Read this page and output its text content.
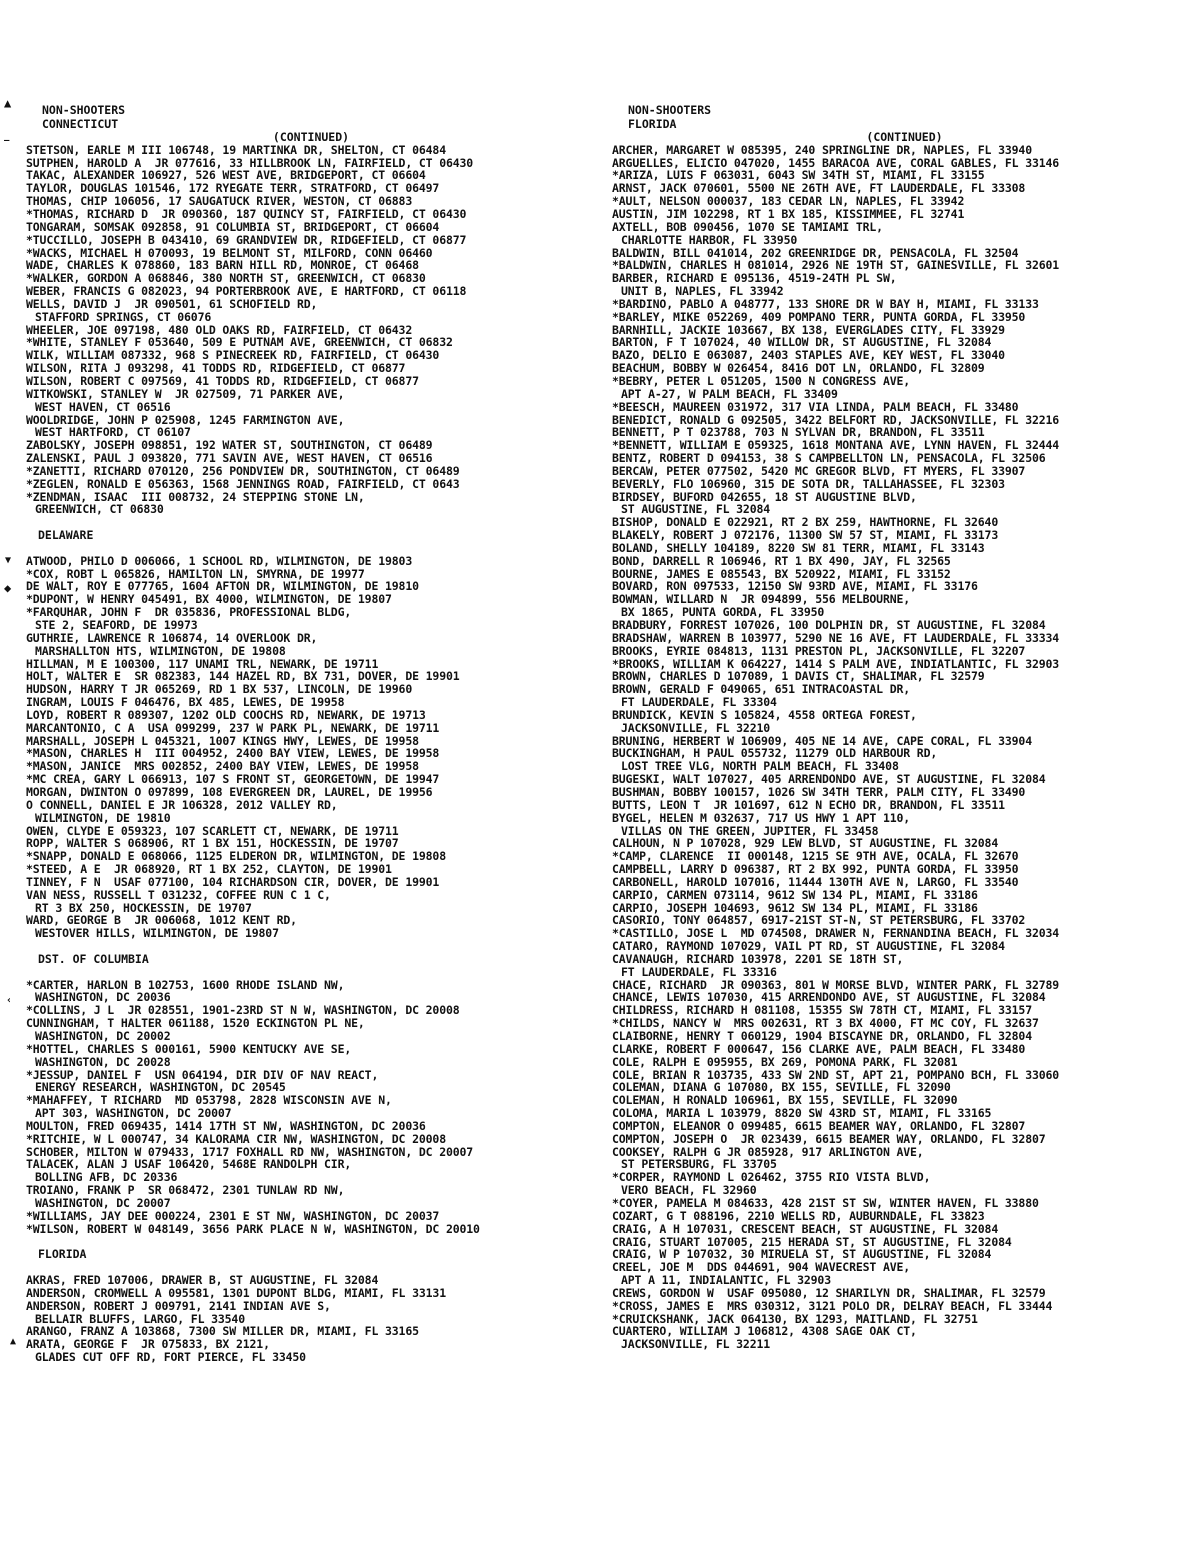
NON-SHOOTERS
CONNECTICUT
(CONTINUED)
STETSON, EARLE M III 106748, 19 MARTINKA DR, SHELTON, CT 06484
SUTPHEN, HAROLD A  JR 077616, 33 HILLBROOK LN, FAIRFIELD, CT 06430
TAKAC, ALEXANDER 106927, 526 WEST AVE, BRIDGEPORT, CT 06604
TAYLOR, DOUGLAS 101546, 172 RYEGATE TERR, STRATFORD, CT 06497
THOMAS, CHIP 106056, 17 SAUGATUCK RIVER, WESTON, CT 06883
*THOMAS, RICHARD D  JR 090360, 187 QUINCY ST, FAIRFIELD, CT 06430
TONGARAM, SOMSAK 092858, 91 COLUMBIA ST, BRIDGEPORT, CT 06604
*TUCCILLO, JOSEPH B 043410, 69 GRANDVIEW DR, RIDGEFIELD, CT 06877
*WACKS, MICHAEL H 070093, 19 BELMONT ST, MILFORD, CONN 06460
WADE, CHARLES K 078860, 183 BARN HILL RD, MONROE, CT 06468
*WALKER, GORDON A 068846, 380 NORTH ST, GREENWICH, CT 06830
WEBER, FRANCIS G 082023, 94 PORTERBROOK AVE, E HARTFORD, CT 06118
WELLS, DAVID J  JR 090501, 61 SCHOFIELD RD,
STAFFORD SPRINGS, CT 06076
WHEELER, JOE 097198, 480 OLD OAKS RD, FAIRFIELD, CT 06432
*WHITE, STANLEY F 053640, 509 E PUTNAM AVE, GREENWICH, CT 06832
WILK, WILLIAM 087332, 968 S PINECREEK RD, FAIRFIELD, CT 06430
WILSON, RITA J 093298, 41 TODDS RD, RIDGEFIELD, CT 06877
WILSON, ROBERT C 097569, 41 TODDS RD, RIDGEFIELD, CT 06877
WITKOWSKI, STANLEY W  JR 027509, 71 PARKER AVE,
WEST HAVEN, CT 06516
WOOLDRIDGE, JOHN P 025908, 1245 FARMINGTON AVE,
WEST HARTFORD, CT 06107
ZABOLSKY, JOSEPH 098851, 192 WATER ST, SOUTHINGTON, CT 06489
ZALENSKI, PAUL J 093820, 771 SAVIN AVE, WEST HAVEN, CT 06516
*ZANETTI, RICHARD 070120, 256 PONDVIEW DR, SOUTHINGTON, CT 06489
*ZEGLEN, RONALD E 056363, 1568 JENNINGS ROAD, FAIRFIELD, CT 0643
*ZENDMAN, ISAAC  III 008732, 24 STEPPING STONE LN,
GREENWICH, CT 06830
DELAWARE
ATWOOD, PHILO D 006066, 1 SCHOOL RD, WILMINGTON, DE 19803
*COX, ROBT L 065826, HAMILTON LN, SMYRNA, DE 19977
DE WALT, ROY E 077765, 1604 AFTON DR, WILMINGTON, DE 19810
*DUPONT, W HENRY 045491, BX 4000, WILMINGTON, DE 19807
*FARQUHAR, JOHN F  DR 035836, PROFESSIONAL BLDG,
STE 2, SEAFORD, DE 19973
GUTHRIE, LAWRENCE R 106874, 14 OVERLOOK DR,
MARSHALLTON HTS, WILMINGTON, DE 19808
HILLMAN, M E 100300, 117 UNAMI TRL, NEWARK, DE 19711
HOLT, WALTER E  SR 082383, 144 HAZEL RD, BX 731, DOVER, DE 19901
HUDSON, HARRY T JR 065269, RD 1 BX 537, LINCOLN, DE 19960
INGRAM, LOUIS F 046476, BX 485, LEWES, DE 19958
LOYD, ROBERT R 089307, 1202 OLD COOCHS RD, NEWARK, DE 19713
MARCANTONIO, C A  USA 099299, 237 W PARK PL, NEWARK, DE 19711
MARSHALL, JOSEPH L 045321, 1007 KINGS HWY, LEWES, DE 19958
*MASON, CHARLES H  III 004952, 2400 BAY VIEW, LEWES, DE 19958
*MASON, JANICE  MRS 002852, 2400 BAY VIEW, LEWES, DE 19958
*MC CREA, GARY L 066913, 107 S FRONT ST, GEORGETOWN, DE 19947
MORGAN, DWINTON O 097899, 108 EVERGREEN DR, LAUREL, DE 19956
O CONNELL, DANIEL E JR 106328, 2012 VALLEY RD,
WILMINGTON, DE 19810
OWEN, CLYDE E 059323, 107 SCARLETT CT, NEWARK, DE 19711
ROPP, WALTER S 068906, RT 1 BX 151, HOCKESSIN, DE 19707
*SNAPP, DONALD E 068066, 1125 ELDERON DR, WILMINGTON, DE 19808
*STEED, A E  JR 068920, RT 1 BX 252, CLAYTON, DE 19901
TINNEY, F N  USAF 077100, 104 RICHARDSON CIR, DOVER, DE 19901
VAN NESS, RUSSELL T 031232, COFFEE RUN C 1 C,
RT 3 BX 250, HOCKESSIN, DE 19707
WARD, GEORGE B  JR 006068, 1012 KENT RD,
WESTOVER HILLS, WILMINGTON, DE 19807
DST. OF COLUMBIA
*CARTER, HARLON B 102753, 1600 RHODE ISLAND NW,
WASHINGTON, DC 20036
*COLLINS, J L  JR 028551, 1901-23RD ST N W, WASHINGTON, DC 20008
CUNNINGHAM, T HALTER 061188, 1520 ECKINGTON PL NE,
WASHINGTON, DC 20002
*HOTTEL, CHARLES S 000161, 5900 KENTUCKY AVE SE,
WASHINGTON, DC 20028
*JESSUP, DANIEL F  USN 064194, DIR DIV OF NAV REACT,
ENERGY RESEARCH, WASHINGTON, DC 20545
*MAHAFFEY, T RICHARD  MD 053798, 2828 WISCONSIN AVE N,
APT 303, WASHINGTON, DC 20007
MOULTON, FRED 069435, 1414 17TH ST NW, WASHINGTON, DC 20036
*RITCHIE, W L 000747, 34 KALORAMA CIR NW, WASHINGTON, DC 20008
SCHOBER, MILTON W 079433, 1717 FOXHALL RD NW, WASHINGTON, DC 20007
TALACEK, ALAN J USAF 106420, 5468E RANDOLPH CIR,
BOLLING AFB, DC 20336
TROIANO, FRANK P  SR 068472, 2301 TUNLAW RD NW,
WASHINGTON, DC 20007
*WILLIAMS, JAY DEE 000224, 2301 E ST NW, WASHINGTON, DC 20037
*WILSON, ROBERT W 048149, 3656 PARK PLACE N W, WASHINGTON, DC 20010
FLORIDA
AKRAS, FRED 107006, DRAWER B, ST AUGUSTINE, FL 32084
ANDERSON, CROMWELL A 095581, 1301 DUPONT BLDG, MIAMI, FL 33131
ANDERSON, ROBERT J 009791, 2141 INDIAN AVE S,
BELLAIR BLUFFS, LARGO, FL 33540
ARANGO, FRANZ A 103868, 7300 SW MILLER DR, MIAMI, FL 33165
ARATA, GEORGE F  JR 075833, BX 2121,
GLADES CUT OFF RD, FORT PIERCE, FL 33450
NON-SHOOTERS
FLORIDA
(CONTINUED)
ARCHER, MARGARET W 085395, 240 SPRINGLINE DR, NAPLES, FL 33940
ARGUELLES, ELICIO 047020, 1455 BARACOA AVE, CORAL GABLES, FL 33146
*ARIZA, LUIS F 063031, 6043 SW 34TH ST, MIAMI, FL 33155
ARNST, JACK 070601, 5500 NE 26TH AVE, FT LAUDERDALE, FL 33308
*AULT, NELSON 000037, 183 CEDAR LN, NAPLES, FL 33942
AUSTIN, JIM 102298, RT 1 BX 185, KISSIMMEE, FL 32741
AXTELL, BOB 090456, 1070 SE TAMIAMI TRL,
CHARLOTTE HARBOR, FL 33950
BALDWIN, BILL 041014, 202 GREENRIDGE DR, PENSACOLA, FL 32504
*BALDWIN, CHARLES H 081014, 2926 NE 19TH ST, GAINESVILLE, FL 32601
BARBER, RICHARD E 095136, 4519-24TH PL SW,
UNIT B, NAPLES, FL 33942
*BARDINO, PABLO A 048777, 133 SHORE DR W BAY H, MIAMI, FL 33133
*BARLEY, MIKE 052269, 409 POMPANO TERR, PUNTA GORDA, FL 33950
BARNHILL, JACKIE 103667, BX 138, EVERGLADES CITY, FL 33929
BARTON, F T 107024, 40 WILLOW DR, ST AUGUSTINE, FL 32084
BAZO, DELIO E 063087, 2403 STAPLES AVE, KEY WEST, FL 33040
BEACHUM, BOBBY W 026454, 8416 DOT LN, ORLANDO, FL 32809
*BEBRY, PETER L 051205, 1500 N CONGRESS AVE,
APT A-27, W PALM BEACH, FL 33409
*BEESCH, MAUREEN 031972, 317 VIA LINDA, PALM BEACH, FL 33480
BENEDICT, RONALD G 092505, 3422 BELFORT RD, JACKSONVILLE, FL 32216
BENNETT, P T 023788, 703 N SYLVAN DR, BRANDON, FL 33511
*BENNETT, WILLIAM E 059325, 1618 MONTANA AVE, LYNN HAVEN, FL 32444
BENTZ, ROBERT D 094153, 38 S CAMPBELLTON LN, PENSACOLA, FL 32506
BERCAW, PETER 077502, 5420 MC GREGOR BLVD, FT MYERS, FL 33907
BEVERLY, FLO 106960, 315 DE SOTA DR, TALLAHASSEE, FL 32303
BIRDSEY, BUFORD 042655, 18 ST AUGUSTINE BLVD,
ST AUGUSTINE, FL 32084
BISHOP, DONALD E 022921, RT 2 BX 259, HAWTHORNE, FL 32640
BLAKELY, ROBERT J 072176, 11300 SW 57 ST, MIAMI, FL 33173
BOLAND, SHELLY 104189, 8220 SW 81 TERR, MIAMI, FL 33143
BOND, DARRELL R 106946, RT 1 BX 490, JAY, FL 32565
BOURNE, JAMES E 085543, BX 520922, MIAMI, FL 33152
BOVARD, RON 097533, 12150 SW 93RD AVE, MIAMI, FL 33176
BOWMAN, WILLARD N  JR 094899, 556 MELBOURNE,
BX 1865, PUNTA GORDA, FL 33950
BRADBURY, FORREST 107026, 100 DOLPHIN DR, ST AUGUSTINE, FL 32084
BRADSHAW, WARREN B 103977, 5290 NE 16 AVE, FT LAUDERDALE, FL 33334
BROOKS, EYRIE 084813, 1131 PRESTON PL, JACKSONVILLE, FL 32207
*BROOKS, WILLIAM K 064227, 1414 S PALM AVE, INDIATLANTIC, FL 32903
BROWN, CHARLES D 107089, 1 DAVIS CT, SHALIMAR, FL 32579
BROWN, GERALD F 049065, 651 INTRACOASTAL DR,
FT LAUDERDALE, FL 33304
BRUNDICK, KEVIN S 105824, 4558 ORTEGA FOREST,
JACKSONVILLE, FL 32210
BRUNING, HERBERT W 106909, 405 NE 14 AVE, CAPE CORAL, FL 33904
BUCKINGHAM, H PAUL 055732, 11279 OLD HARBOUR RD,
LOST TREE VLG, NORTH PALM BEACH, FL 33408
BUGESKI, WALT 107027, 405 ARRENDONDO AVE, ST AUGUSTINE, FL 32084
BUSHMAN, BOBBY 100157, 1026 SW 34TH TERR, PALM CITY, FL 33490
BUTTS, LEON T  JR 101697, 612 N ECHO DR, BRANDON, FL 33511
BYGEL, HELEN M 032637, 717 US HWY 1 APT 110,
VILLAS ON THE GREEN, JUPITER, FL 33458
CALHOUN, N P 107028, 929 LEW BLVD, ST AUGUSTINE, FL 32084
*CAMP, CLARENCE  II 000148, 1215 SE 9TH AVE, OCALA, FL 32670
CAMPBELL, LARRY D 096387, RT 2 BX 992, PUNTA GORDA, FL 33950
CARBONELL, HAROLD 107016, 11444 130TH AVE N, LARGO, FL 33540
CARPIO, CARMEN 073114, 9612 SW 134 PL, MIAMI, FL 33186
CARPIO, JOSEPH 104693, 9612 SW 134 PL, MIAMI, FL 33186
CASORIO, TONY 064857, 6917-21ST ST-N, ST PETERSBURG, FL 33702
*CASTILLO, JOSE L  MD 074508, DRAWER N, FERNANDINA BEACH, FL 32034
CATARO, RAYMOND 107029, VAIL PT RD, ST AUGUSTINE, FL 32084
CAVANAUGH, RICHARD 103978, 2201 SE 18TH ST,
FT LAUDERDALE, FL 33316
CHACE, RICHARD  JR 090363, 801 W MORSE BLVD, WINTER PARK, FL 32789
CHANCE, LEWIS 107030, 415 ARRENDONDO AVE, ST AUGUSTINE, FL 32084
CHILDRESS, RICHARD H 081108, 15355 SW 78TH CT, MIAMI, FL 33157
*CHILDS, NANCY W  MRS 002631, RT 3 BX 4000, FT MC COY, FL 32637
CLAIBORNE, HENRY T 060129, 1904 BISCAYNE DR, ORLANDO, FL 32804
CLARKE, ROBERT F 000647, 156 CLARKE AVE, PALM BEACH, FL 33480
COLE, RALPH E 095955, BX 269, POMONA PARK, FL 32081
COLE, BRIAN R 103735, 433 SW 2ND ST, APT 21, POMPANO BCH, FL 33060
COLEMAN, DIANA G 107080, BX 155, SEVILLE, FL 32090
COLEMAN, H RONALD 106961, BX 155, SEVILLE, FL 32090
COLOMA, MARIA L 103979, 8820 SW 43RD ST, MIAMI, FL 33165
COMPTON, ELEANOR O 099485, 6615 BEAMER WAY, ORLANDO, FL 32807
COMPTON, JOSEPH O  JR 023439, 6615 BEAMER WAY, ORLANDO, FL 32807
COOKSEY, RALPH G JR 085928, 917 ARLINGTON AVE,
ST PETERSBURG, FL 33705
*CORPER, RAYMOND L 026462, 3755 RIO VISTA BLVD,
VERO BEACH, FL 32960
*COYER, PAMELA M 084633, 428 21ST ST SW, WINTER HAVEN, FL 33880
COZART, G T 088196, 2210 WELLS RD, AUBURNDALE, FL 33823
CRAIG, A H 107031, CRESCENT BEACH, ST AUGUSTINE, FL 32084
CRAIG, STUART 107005, 215 HERADA ST, ST AUGUSTINE, FL 32084
CRAIG, W P 107032, 30 MIRUELA ST, ST AUGUSTINE, FL 32084
CREEL, JOE M  DDS 044691, 904 WAVECREST AVE,
APT A 11, INDIALANTIC, FL 32903
CREWS, GORDON W  USAF 095080, 12 SHARILYN DR, SHALIMAR, FL 32579
*CROSS, JAMES E  MRS 030312, 3121 POLO DR, DELRAY BEACH, FL 33444
*CRUICKSHANK, JACK 064130, BX 1293, MAITLAND, FL 32751
CUARTERO, WILLIAM J 106812, 4308 SAGE OAK CT,
JACKSONVILLE, FL 32211
▲
—
▼
◆
‹
▲
